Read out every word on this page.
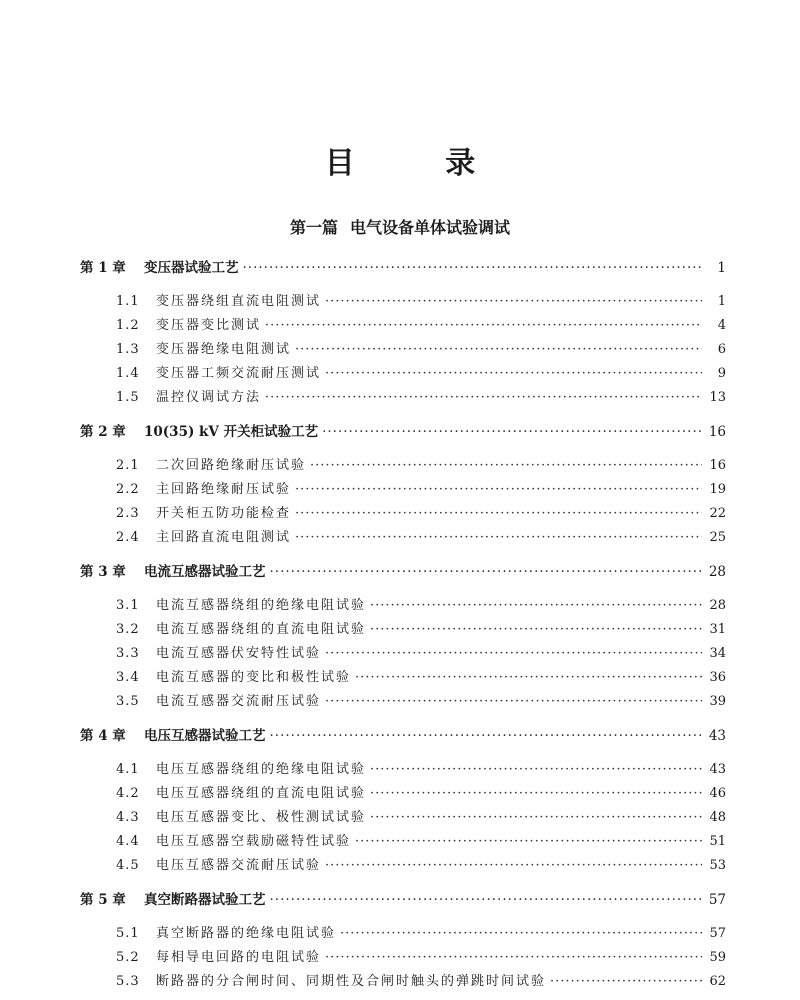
目 录
第一篇 电气设备单体试验调试
第 1 章	变压器试验工艺 ·····	1
1.1	变压器绕组直流电阻测试 ·····	1
1.2	变压器变比测试 ·····	4
1.3	变压器绝缘电阻测试 ·····	6
1.4	变压器工频交流耐压测试 ·····	9
1.5	温控仪调试方法 ·····	13
第 2 章	10(35) kV 开关柜试验工艺 ·····	16
2.1	二次回路绝缘耐压试验 ·····	16
2.2	主回路绝缘耐压试验 ·····	19
2.3	开关柜五防功能检查 ·····	22
2.4	主回路直流电阻测试 ·····	25
第 3 章	电流互感器试验工艺 ·····	28
3.1	电流互感器绕组的绝缘电阻试验 ·····	28
3.2	电流互感器绕组的直流电阻试验 ·····	31
3.3	电流互感器伏安特性试验 ·····	34
3.4	电流互感器的变比和极性试验 ·····	36
3.5	电流互感器交流耐压试验 ·····	39
第 4 章	电压互感器试验工艺 ·····	43
4.1	电压互感器绕组的绝缘电阻试验 ·····	43
4.2	电压互感器绕组的直流电阻试验 ·····	46
4.3	电压互感器变比、极性测试试验 ·····	48
4.4	电压互感器空载励磁特性试验 ·····	51
4.5	电压互感器交流耐压试验 ·····	53
第 5 章	真空断路器试验工艺 ·····	57
5.1	真空断路器的绝缘电阻试验 ·····	57
5.2	每相导电回路的电阻试验 ·····	59
5.3	断路器的分合闸时间、同期性及合闸时触头的弹跳时间试验 ·····	62
